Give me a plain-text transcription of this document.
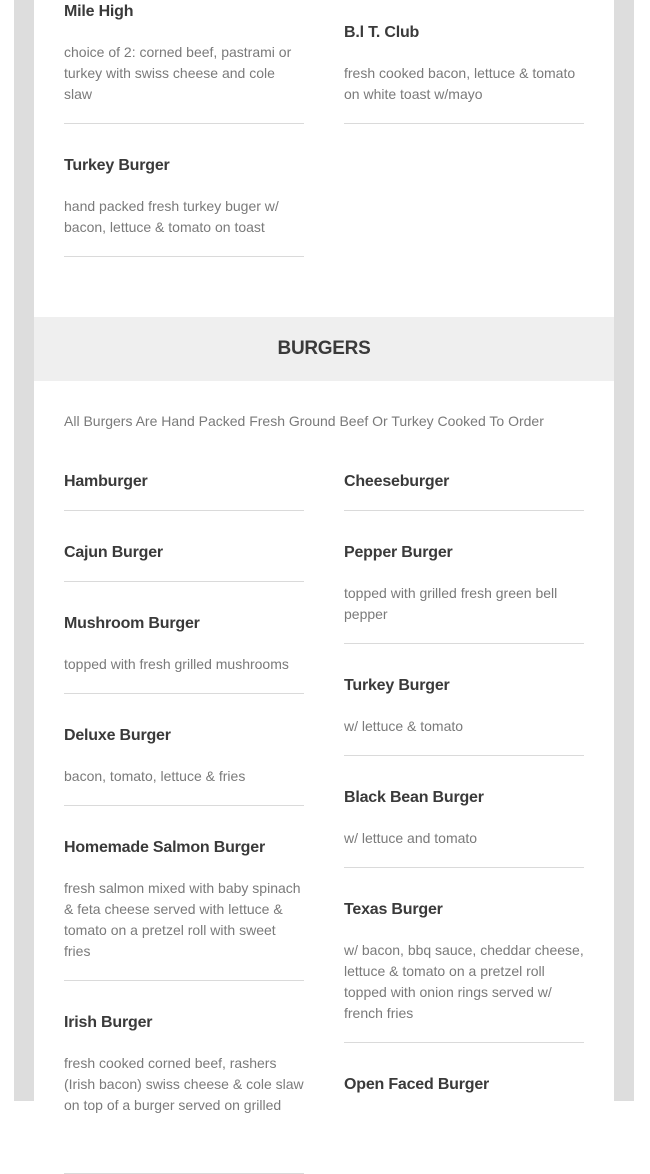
Mile High

choice of 2: corned beef, pastrami or turkey with swiss cheese and cole slaw

B.l T. Club

fresh cooked bacon, lettuce & tomato on white toast w/mayo

Turkey Burger

hand packed fresh turkey buger w/ bacon, lettuce & tomato on toast

BURGERS
All Burgers Are Hand Packed Fresh Ground Beef Or Turkey Cooked To Order
Hamburger
Cajun Burger
Mushroom Burger

topped with fresh grilled mushrooms

Deluxe Burger

bacon, tomato, lettuce & fries

Homemade Salmon Burger

fresh salmon mixed with baby spinach & feta cheese served with lettuce & tomato on a pretzel roll with sweet fries

Irish Burger

fresh cooked corned beef, rashers (Irish bacon) swiss cheese & cole slaw on top of a burger served on grilled

Cheeseburger
Pepper Burger

topped with grilled fresh green bell pepper

Turkey Burger

w/ lettuce & tomato

Black Bean Burger

w/ lettuce and tomato

Texas Burger

w/ bacon, bbq sauce, cheddar cheese, lettuce & tomato on a pretzel roll topped with onion rings served w/ french fries

Open Faced Burger
